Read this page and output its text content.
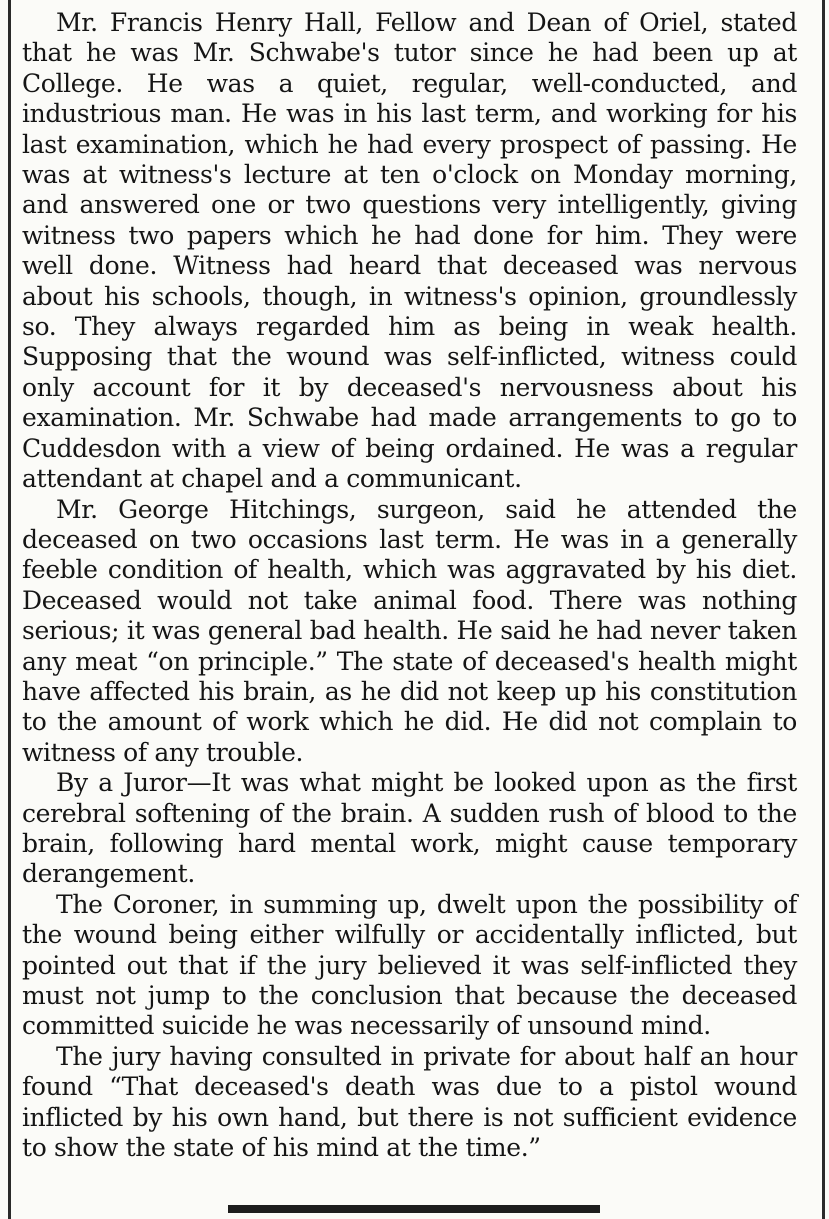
Mr. Francis Henry Hall, Fellow and Dean of Oriel, stated that he was Mr. Schwabe's tutor since he had been up at College. He was a quiet, regular, well-conducted, and industrious man. He was in his last term, and working for his last examination, which he had every prospect of passing. He was at witness's lecture at ten o'clock on Monday morning, and answered one or two questions very intelligently, giving witness two papers which he had done for him. They were well done. Witness had heard that deceased was nervous about his schools, though, in witness's opinion, groundlessly so. They always regarded him as being in weak health. Supposing that the wound was self-inflicted, witness could only account for it by deceased's nervousness about his examination. Mr. Schwabe had made arrangements to go to Cuddesdon with a view of being ordained. He was a regular attendant at chapel and a communicant.

Mr. George Hitchings, surgeon, said he attended the deceased on two occasions last term. He was in a generally feeble condition of health, which was aggravated by his diet. Deceased would not take animal food. There was nothing serious; it was general bad health. He said he had never taken any meat “on principle.” The state of deceased's health might have affected his brain, as he did not keep up his constitution to the amount of work which he did. He did not complain to witness of any trouble.

By a Juror—It was what might be looked upon as the first cerebral softening of the brain. A sudden rush of blood to the brain, following hard mental work, might cause temporary derangement.

The Coroner, in summing up, dwelt upon the possibility of the wound being either wilfully or accidentally inflicted, but pointed out that if the jury believed it was self-inflicted they must not jump to the conclusion that because the deceased committed suicide he was necessarily of unsound mind.

The jury having consulted in private for about half an hour found “That deceased's death was due to a pistol wound inflicted by his own hand, but there is not sufficient evidence to show the state of his mind at the time.”
